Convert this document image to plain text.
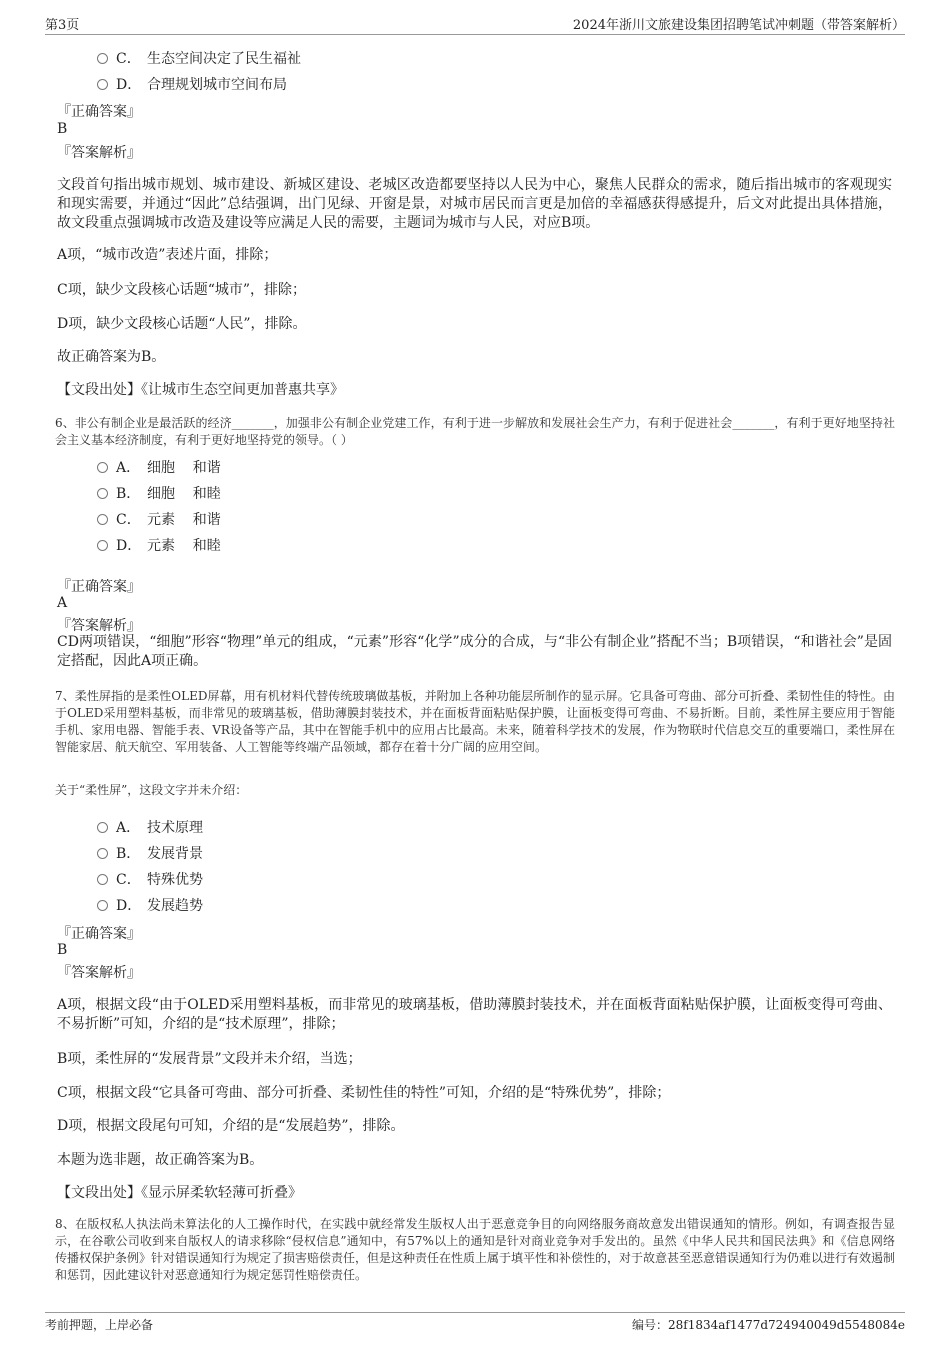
第3页	2024年浙川文旅建设集团招聘笔试冲刺题（带答案解析）
C． 生态空间决定了民生福祉
D． 合理规划城市空间布局
『正确答案』
B
『答案解析』
文段首句指出城市规划、城市建设、新城区建设、老城区改造都要坚持以人民为中心，聚焦人民群众的需求，随后指出城市的客观现实和现实需要，并通过“因此”总结强调，出门见绿、开窗是景，对城市居民而言更是加倍的幸福感获得感提升，后文对此提出具体措施，故文段重点强调城市改造及建设等应满足人民的需要，主题词为城市与人民，对应B项。
A项，“城市改造”表述片面，排除；
C项，缺少文段核心话题“城市”，排除；
D项，缺少文段核心话题“人民”，排除。
故正确答案为B。
【文段出处】《让城市生态空间更加普惠共享》
6、非公有制企业是最活跃的经济_______，加强非公有制企业党建工作，有利于进一步解放和发展社会生产力，有利于促进社会_______，有利于更好地坚持社会主义基本经济制度，有利于更好地坚持党的领导。（ ）
A． 细胞    和谐
B． 细胞    和睦
C． 元素    和谐
D． 元素    和睦
『正确答案』
A
『答案解析』
CD两项错误，“细胞”形容“物理”单元的组成，“元素”形容“化学”成分的合成，与“非公有制企业”搭配不当；B项错误，“和谐社会”是固定搭配，因此A项正确。
7、柔性屏指的是柔性OLED屏幕，用有机材料代替传统玻璃做基板，并附加上各种功能层所制作的显示屏。它具备可弯曲、部分可折叠、柔韧性佳的特性。由于OLED采用塑料基板，而非常见的玻璃基板，借助薄膜封装技术，并在面板背面粘贴保护膜，让面板变得可弯曲、不易折断。目前，柔性屏主要应用于智能手机、家用电器、智能手表、VR设备等产品，其中在智能手机中的应用占比最高。未来，随着科学技术的发展，作为物联时代信息交互的重要端口，柔性屏在智能家居、航天航空、军用装备、人工智能等终端产品领域，都存在着十分广阔的应用空间。
关于“柔性屏”，这段文字并未介绍：
A． 技术原理
B． 发展背景
C． 特殊优势
D． 发展趋势
『正确答案』
B
『答案解析』
A项，根据文段“由于OLED采用塑料基板，而非常见的玻璃基板，借助薄膜封装技术，并在面板背面粘贴保护膜，让面板变得可弯曲、不易折断”可知，介绍的是“技术原理”，排除；
B项，柔性屏的“发展背景”文段并未介绍，当选；
C项，根据文段“它具备可弯曲、部分可折叠、柔韧性佳的特性”可知，介绍的是“特殊优势”，排除；
D项，根据文段尾句可知，介绍的是“发展趋势”，排除。
本题为选非题，故正确答案为B。
【文段出处】《显示屏柔软轻薄可折叠》
8、在版权私人执法尚未算法化的人工操作时代，在实践中就经常发生版权人出于恶意竞争目的向网络服务商故意发出错误通知的情形。例如，有调查报告显示，在谷歌公司收到来自版权人的请求移除“侵权信息”通知中，有57%以上的通知是针对商业竞争对手发出的。虽然《中华人民共和国民法典》和《信息网络传播权保护条例》针对错误通知行为规定了损害赔偿责任，但是这种责任在性质上属于填平性和补偿性的，对于故意甚至恶意错误通知行为仍难以进行有效遏制和惩罚，因此建议针对恶意通知行为规定惩罚性赔偿责任。
考前押题，上岸必备	编号：28f1834af1477d724940049d5548084e
